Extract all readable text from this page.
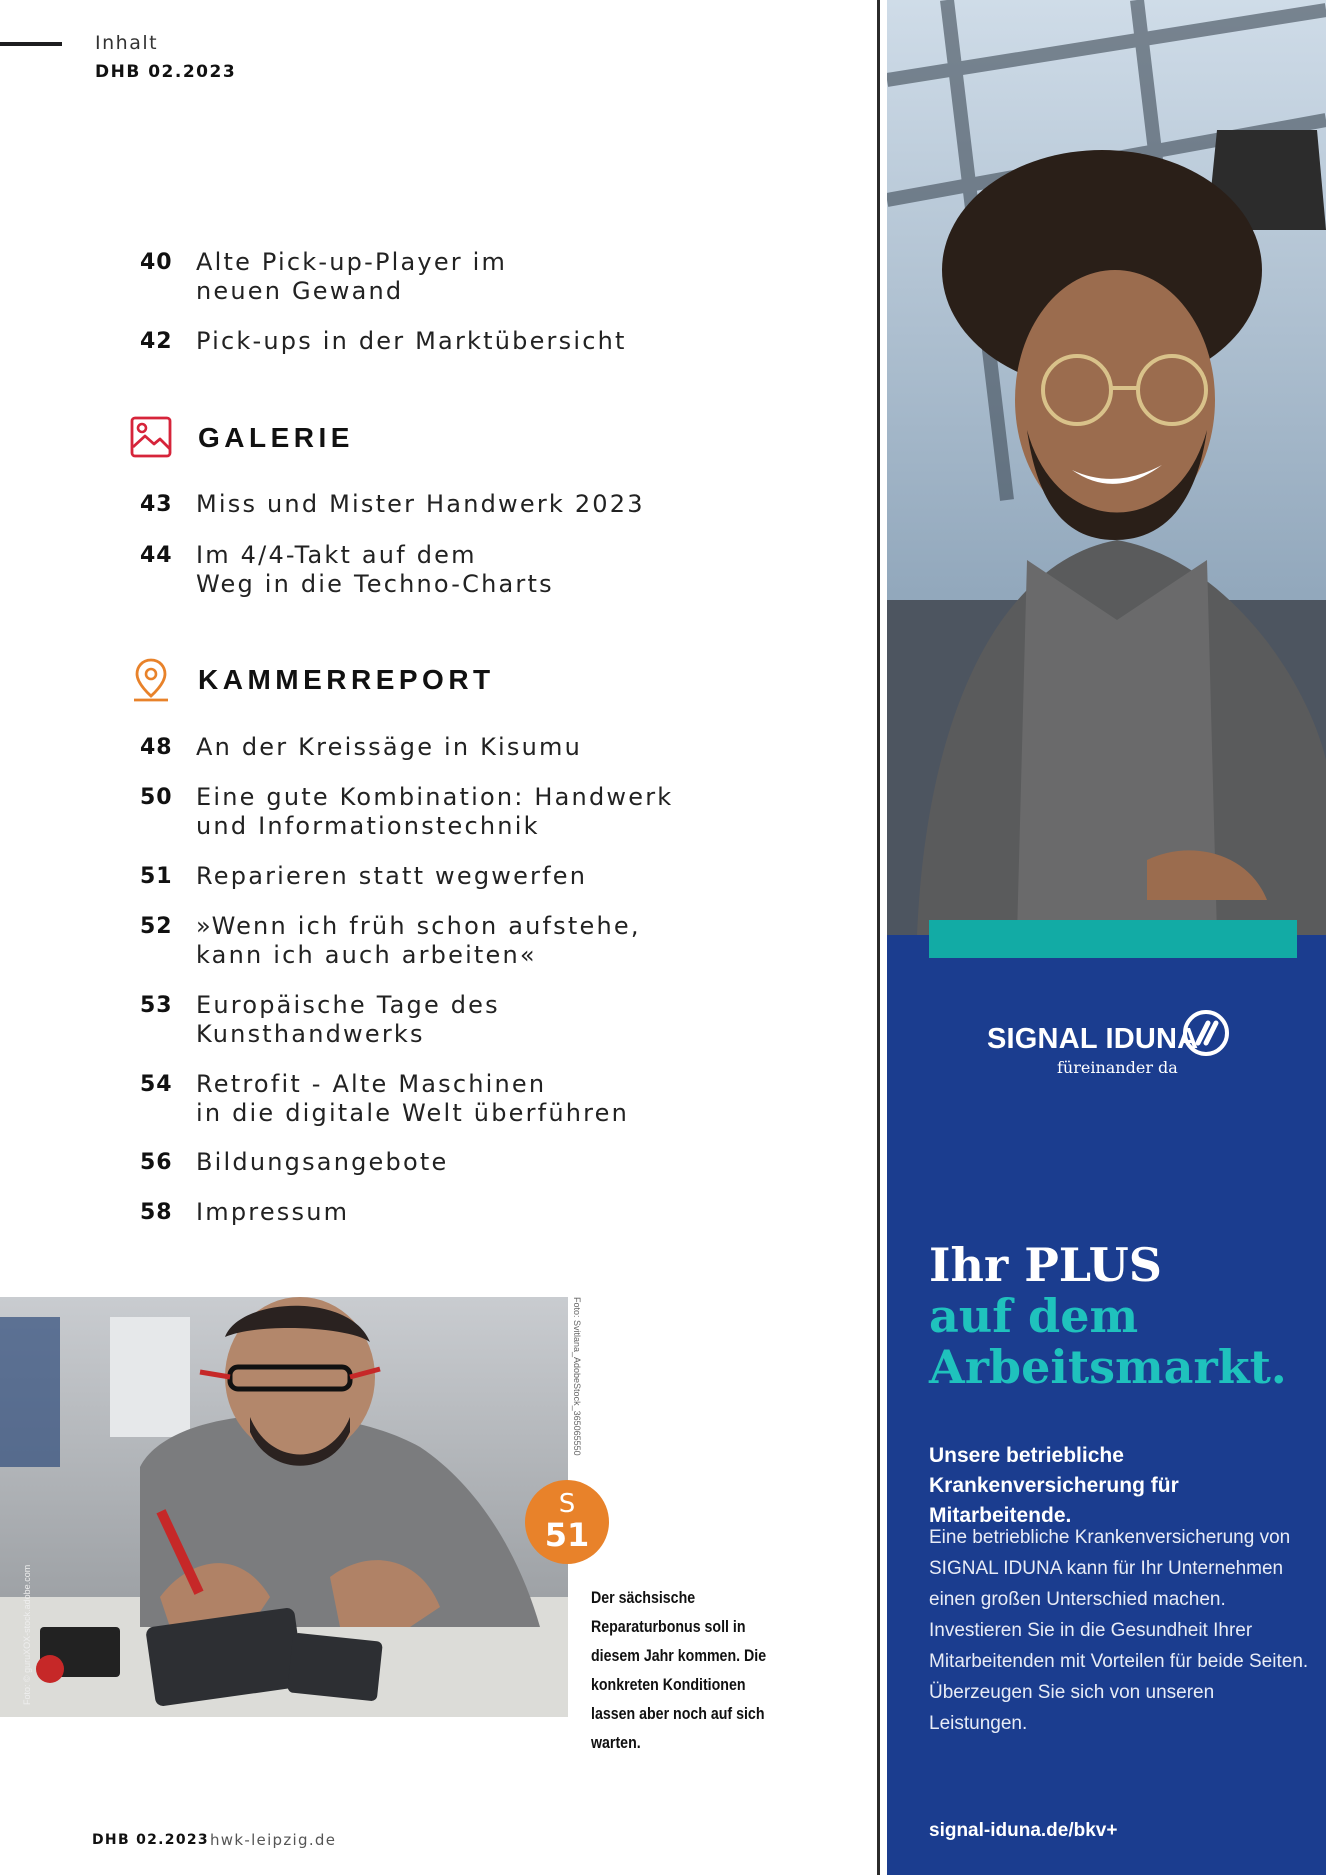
Inhalt
DHB 02.2023
40 Alte Pick-up-Player im
neuen Gewand
42 Pick-ups in der Marktübersicht
GALERIE
43 Miss und Mister Handwerk 2023
44 Im 4/4-Takt auf dem
Weg in die Techno-Charts
KAMMERREPORT
48 An der Kreissäge in Kisumu
50 Eine gute Kombination: Handwerk
und Informationstechnik
51 Reparieren statt wegwerfen
52 »Wenn ich früh schon aufstehe,
kann ich auch arbeiten«
53 Europäische Tage des
Kunsthandwerks
54 Retrofit - Alte Maschinen
in die digitale Welt überführen
56 Bildungsangebote
58 Impressum
Foto: Svitlana_AdobeStock_365065550
Foto: © guruXOX-stock.adobe.com
S
51
Der sächsische Reparaturbonus soll in diesem Jahr kommen. Die konkreten Konditionen lassen aber noch auf sich warten.
DHB 02.2023 hwk-leipzig.de
SIGNAL IDUNA
füreinander da
Ihr PLUS
auf dem
Arbeitsmarkt.
Unsere betriebliche Krankenversicherung für Mitarbeitende.
Eine betriebliche Krankenversicherung von SIGNAL IDUNA kann für Ihr Unternehmen einen großen Unterschied machen. Investieren Sie in die Gesundheit Ihrer Mitarbeitenden mit Vorteilen für beide Seiten. Überzeugen Sie sich von unseren Leistungen.
signal-iduna.de/bkv+
